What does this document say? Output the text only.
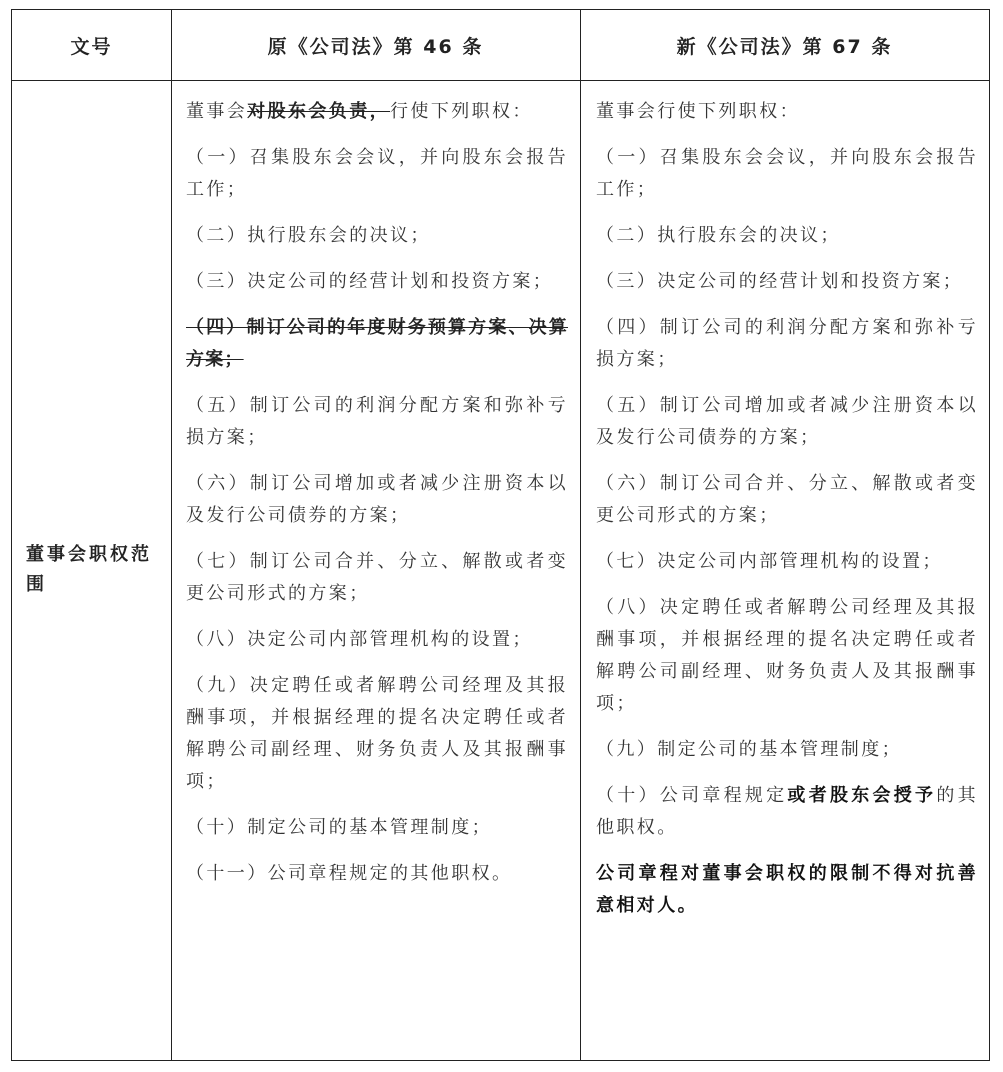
文号	原《公司法》第 46 条	新《公司法》第 67 条
董事会职权范围

董事会对股东会负责，行使下列职权：

（一）召集股东会会议，并向股东会报告工作；

（二）执行股东会的决议；

（三）决定公司的经营计划和投资方案；

（四）制订公司的年度财务预算方案、决算方案；

（五）制订公司的利润分配方案和弥补亏损方案；

（六）制订公司增加或者减少注册资本以及发行公司债券的方案；

（七）制订公司合并、分立、解散或者变更公司形式的方案；

（八）决定公司内部管理机构的设置；

（九）决定聘任或者解聘公司经理及其报酬事项，并根据经理的提名决定聘任或者解聘公司副经理、财务负责人及其报酬事项；

（十）制定公司的基本管理制度；

（十一）公司章程规定的其他职权。

董事会行使下列职权：

（一）召集股东会会议，并向股东会报告工作；

（二）执行股东会的决议；

（三）决定公司的经营计划和投资方案；

（四）制订公司的利润分配方案和弥补亏损方案；

（五）制订公司增加或者减少注册资本以及发行公司债券的方案；

（六）制订公司合并、分立、解散或者变更公司形式的方案；

（七）决定公司内部管理机构的设置；

（八）决定聘任或者解聘公司经理及其报酬事项，并根据经理的提名决定聘任或者解聘公司副经理、财务负责人及其报酬事项；

（九）制定公司的基本管理制度；

（十）公司章程规定或者股东会授予的其他职权。

公司章程对董事会职权的限制不得对抗善意相对人。
